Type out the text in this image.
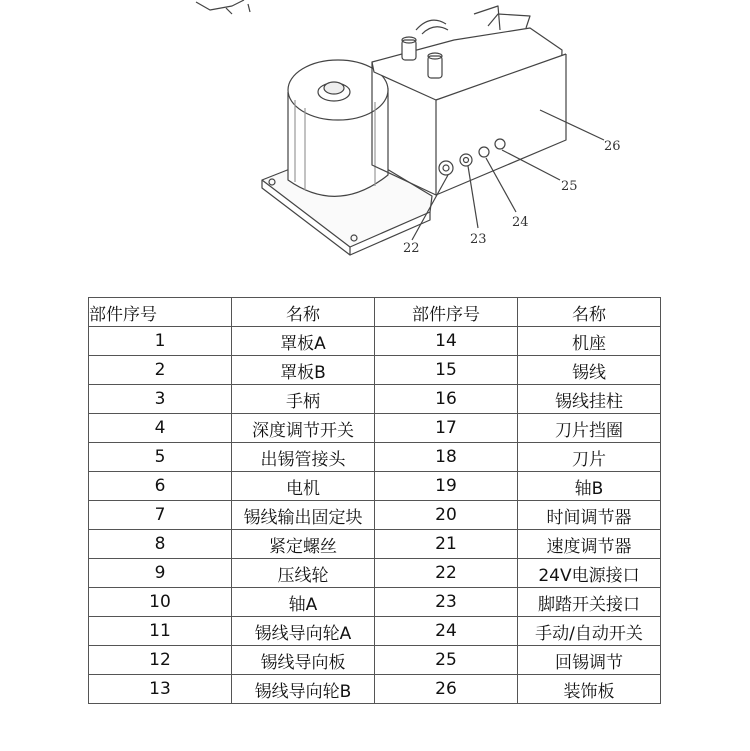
22
23
24
25
26
部件序号	名称	部件序号	名称
1	罩板A	14	机座
2	罩板B	15	锡线
3	手柄	16	锡线挂柱
4	深度调节开关	17	刀片挡圈
5	出锡管接头	18	刀片
6	电机	19	轴B
7	锡线输出固定块	20	时间调节器
8	紧定螺丝	21	速度调节器
9	压线轮	22	24V电源接口
10	轴A	23	脚踏开关接口
11	锡线导向轮A	24	手动/自动开关
12	锡线导向板	25	回锡调节
13	锡线导向轮B	26	装饰板
